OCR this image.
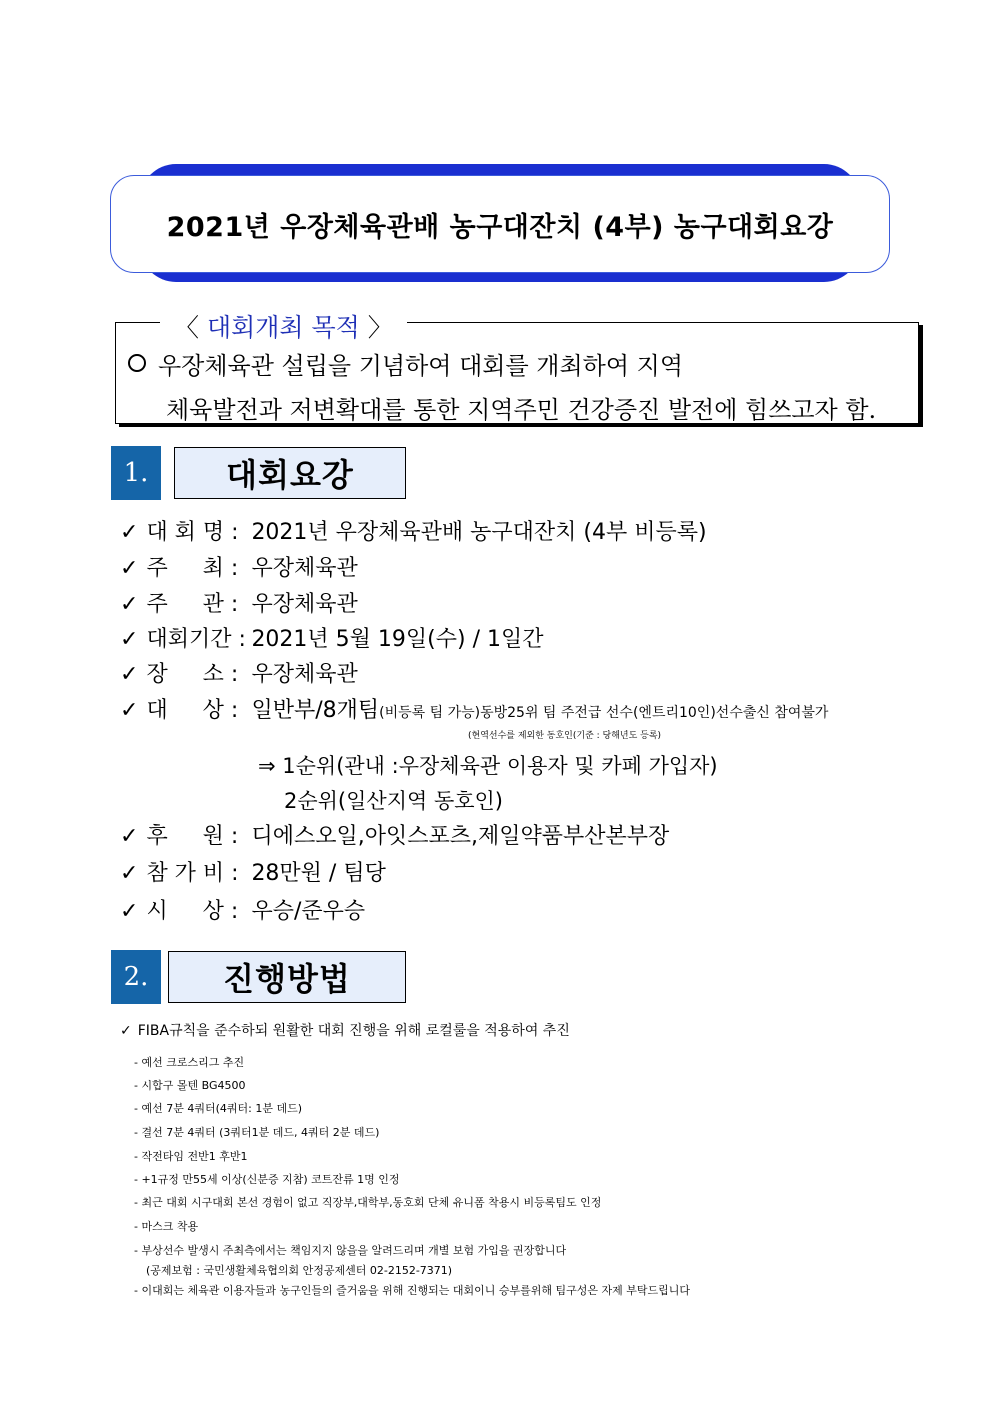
2021년 우장체육관배 농구대잔치 (4부) 농구대회요강
〈 대회개최 목적 〉
우장체육관 설립을 기념하여 대회를 개최하여 지역
체육발전과 저변확대를 통한 지역주민 건강증진 발전에 힘쓰고자 함.
1.	대회요강
✓ 대 회 명 : 2021년 우장체육관배 농구대잔치 (4부 비등록)
✓ 주     최 : 우장체육관
✓ 주     관 : 우장체육관
✓ 대회기간 : 2021년 5월 19일(수) / 1일간
✓ 장     소 : 우장체육관
✓ 대     상 : 일반부/8개팀(비등록 팀 가능)동방25위 팀 주전급 선수(엔트리10인)선수출신 참여불가
(현역선수를 제외한 동호인(기준 : 당해년도 등록)
⇒ 1순위(관내 :우장체육관 이용자 및 카페 가입자)
2순위(일산지역 동호인)
✓ 후     원 : 디에스오일,아잇스포츠,제일약품부산본부장
✓ 참 가 비 : 28만원 / 팀당
✓ 시     상 : 우승/준우승
2.	진행방법
✓ FIBA규칙을 준수하되 원활한 대회 진행을 위해 로컬룰을 적용하여 추진
- 예선 크로스리그 추진
- 시합구 몰텐 BG4500
- 예선 7분 4쿼터(4쿼터: 1분 데드)
- 결선 7분 4쿼터 (3쿼터1분 데드, 4쿼터 2분 데드)
- 작전타임 전반1 후반1
- +1규정 만55세 이상(신분증 지참) 코트잔류 1명 인정
- 최근 대회 시구대회 본선 경험이 없고 직장부,대학부,동호회 단체 유니폼 착용시 비등록팀도 인정
- 마스크 착용
- 부상선수 발생시 주최측에서는 책임지지 않을을 알려드리며 개별 보험 가입을 권장합니다
(공제보험 : 국민생활체육협의회 안정공제센터 02-2152-7371)
- 이대회는 체육관 이용자들과 농구인들의 즐거움을 위해 진행되는 대회이니 승부를위해 팀구성은 자제 부탁드립니다
